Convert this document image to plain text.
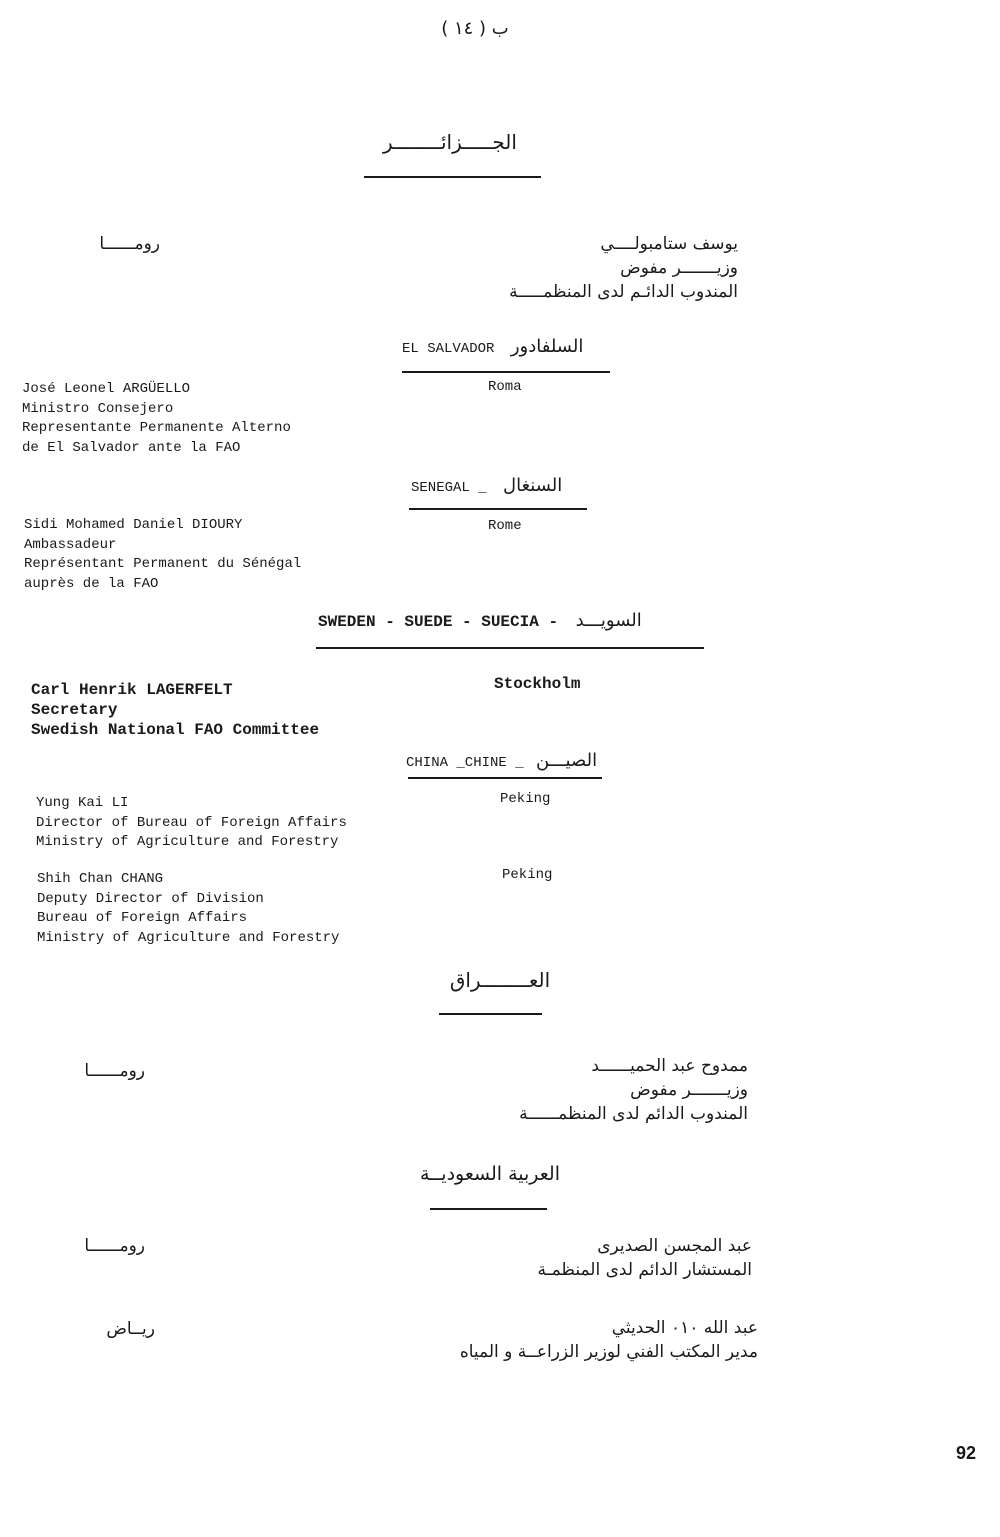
ب ( ١٤ )
الجـــــزائــــــــر
رومــــــا	يوسف ستامبولــــي
وزيـــــــر مفوض
المندوب الدائـم لدى المنظمـــــة
EL SALVADOR السلفادور
Roma
José Leonel ARGÜELLO
Ministro Consejero
Representante Permanente Alterno
de El Salvador ante la FAO
SENEGAL _ السنغال
Rome
Sidi Mohamed Daniel DIOURY
Ambassadeur
Représentant Permanent du Sénégal
auprès de la FAO
SWEDEN - SUEDE - SUECIA - السويـــد
Stockholm
Carl Henrik LAGERFELT
Secretary
Swedish National FAO Committee
CHINA _CHINE _ الصيـــن
Peking
Yung Kai LI
Director of Bureau of Foreign Affairs
Ministry of Agriculture and Forestry
Peking
Shih Chan CHANG
Deputy Director of Division
Bureau of Foreign Affairs
Ministry of Agriculture and Forestry
العــــــــراق
رومــــــا	ممدوح عبد الحميــــــد
وزيـــــــر مفوض
المندوب الدائم لدى المنظمــــــة
العربية السعوديــة
رومــــــا	عبد المجسن الصديرى
المستشار الدائم لدى المنظمـة
ريــاض	عبد الله ٠١٠ الحديثي
مدير المكتب الفني لوزير الزراعــة و المياه
92
